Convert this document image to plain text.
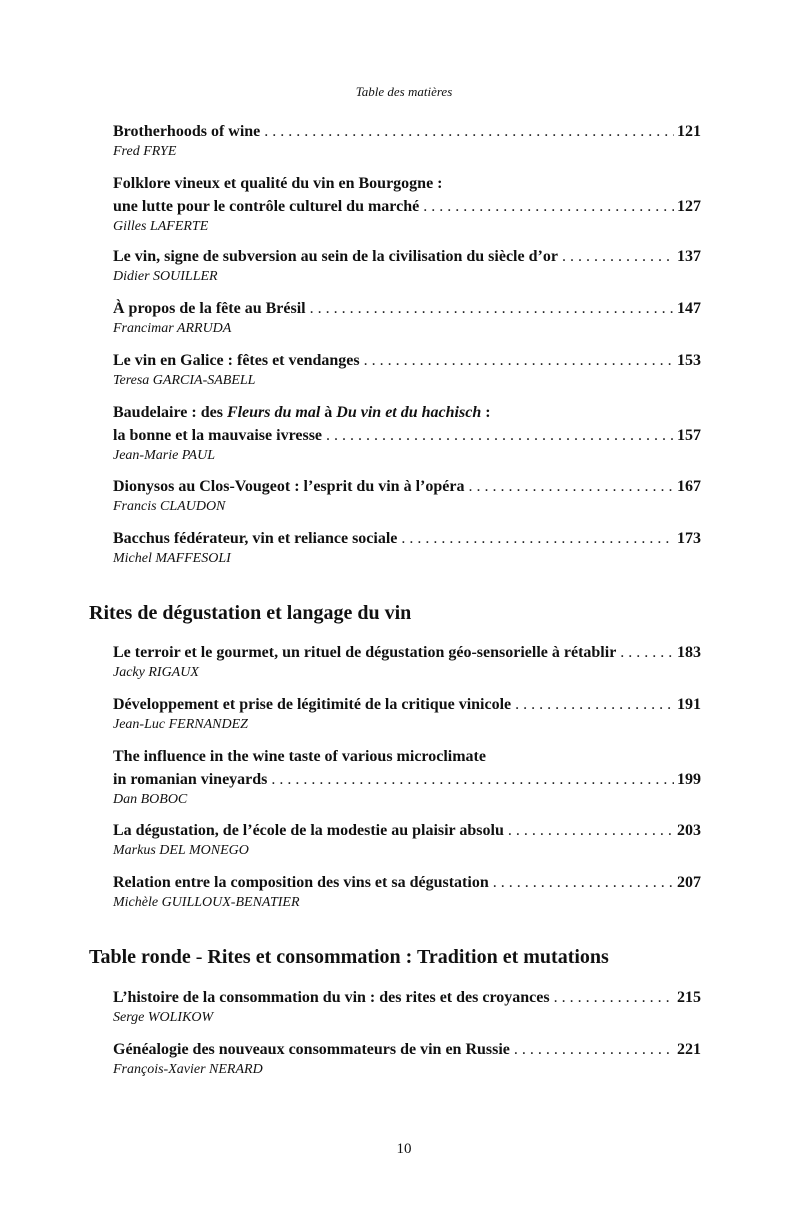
Table des matières
Brotherhoods of wine . . .	121
Fred FRYE
Folklore vineux et qualité du vin en Bourgogne :
une lutte pour le contrôle culturel du marché . . .	127
Gilles LAFERTE
Le vin, signe de subversion au sein de la civilisation du siècle d’or . . .	137
Didier SOUILLER
À propos de la fête au Brésil . . .	147
Francimar ARRUDA
Le vin en Galice : fêtes et vendanges . . .	153
Teresa GARCIA-SABELL
Baudelaire : des Fleurs du mal à Du vin et du hachisch :
la bonne et la mauvaise ivresse . . .	157
Jean-Marie PAUL
Dionysos au Clos-Vougeot : l’esprit du vin à l’opéra . . .	167
Francis CLAUDON
Bacchus fédérateur, vin et reliance sociale . . .	173
Michel MAFFESOLI
Rites de dégustation et langage du vin
Le terroir et le gourmet, un rituel de dégustation géo-sensorielle à rétablir . . .	183
Jacky RIGAUX
Développement et prise de légitimité de la critique vinicole . . .	191
Jean-Luc FERNANDEZ
The influence in the wine taste of various microclimate
in romanian vineyards . . .	199
Dan BOBOC
La dégustation, de l’école de la modestie au plaisir absolu . . .	203
Markus DEL MONEGO
Relation entre la composition des vins et sa dégustation . . .	207
Michèle GUILLOUX-BENATIER
Table ronde - Rites et consommation : Tradition et mutations
L’histoire de la consommation du vin : des rites et des croyances . . .	215
Serge WOLIKOW
Généalogie des nouveaux consommateurs de vin en Russie . . .	221
François-Xavier NERARD
10
